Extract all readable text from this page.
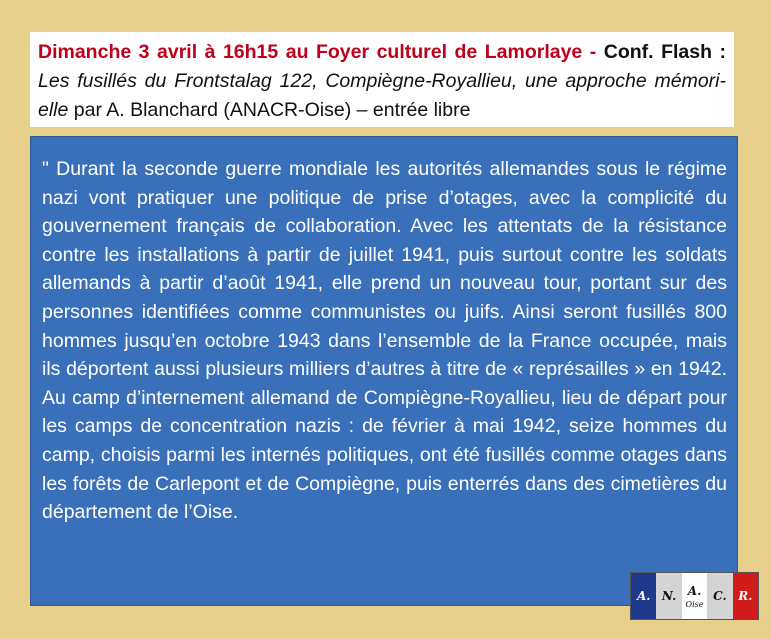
Dimanche 3 avril à 16h15 au Foyer culturel de Lamorlaye - Conf. Flash : Les fusillés du Frontstalag 122, Compiègne-Royallieu, une approche mémori-elle par A. Blanchard (ANACR-Oise) – entrée libre
" Durant la seconde guerre mondiale les autorités allemandes sous le régime nazi vont pratiquer une politique de prise d’otages, avec la complicité du gouvernement français de collaboration. Avec les attentats de la résistance contre les installations à partir de juillet 1941, puis surtout contre les soldats allemands à partir d’août 1941, elle prend un nouveau tour, portant sur des personnes identifiées comme communistes ou juifs. Ainsi seront fusillés 800 hommes jusqu’en octobre 1943 dans l’ensemble de la France occupée, mais ils déportent aussi plusieurs milliers d’autres à titre de « représailles » en 1942. Au camp d’internement allemand de Compiègne-Royallieu, lieu de départ pour les camps de concentration nazis : de février à mai 1942, seize hommes du camp, choisis parmi les internés politiques, ont été fusillés comme otages dans les forêts de Carlepont et de Compiègne, puis enterrés dans des cimetières du département de l’Oise.
A. N. A.
Oise
C. R.
